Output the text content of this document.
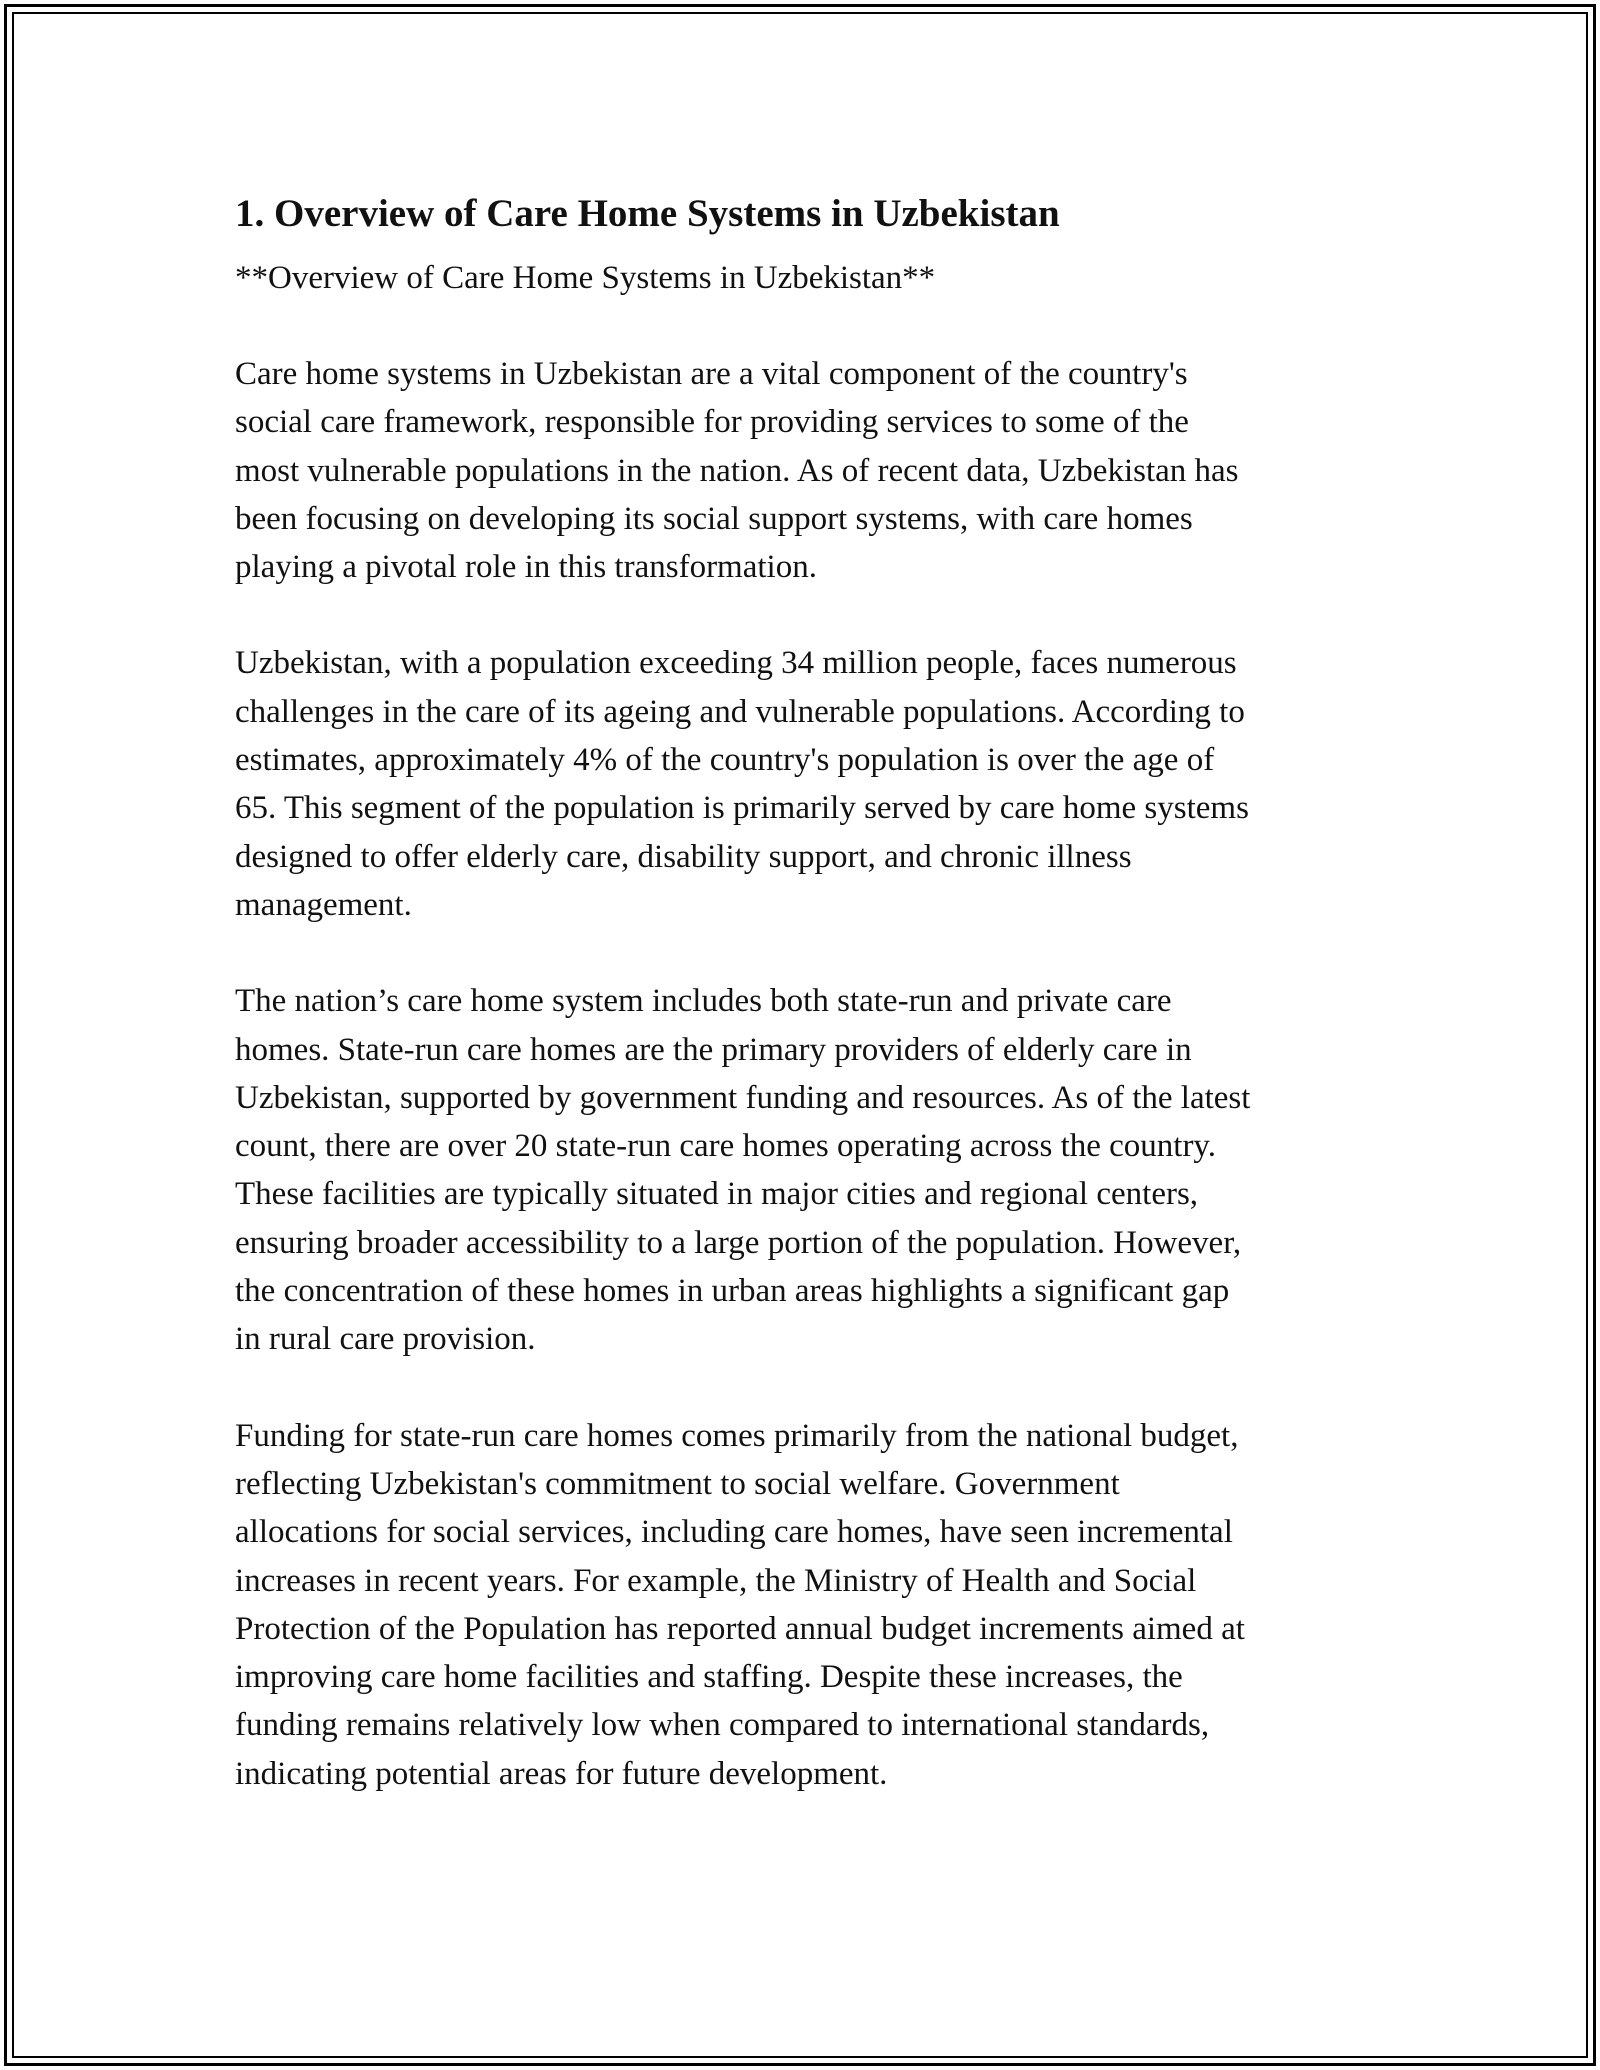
1. Overview of Care Home Systems in Uzbekistan

**Overview of Care Home Systems in Uzbekistan**

Care home systems in Uzbekistan are a vital component of the country's
social care framework, responsible for providing services to some of the
most vulnerable populations in the nation. As of recent data, Uzbekistan has
been focusing on developing its social support systems, with care homes
playing a pivotal role in this transformation.

Uzbekistan, with a population exceeding 34 million people, faces numerous
challenges in the care of its ageing and vulnerable populations. According to
estimates, approximately 4% of the country's population is over the age of
65. This segment of the population is primarily served by care home systems
designed to offer elderly care, disability support, and chronic illness
management.

The nation’s care home system includes both state-run and private care
homes. State-run care homes are the primary providers of elderly care in
Uzbekistan, supported by government funding and resources. As of the latest
count, there are over 20 state-run care homes operating across the country.
These facilities are typically situated in major cities and regional centers,
ensuring broader accessibility to a large portion of the population. However,
the concentration of these homes in urban areas highlights a significant gap
in rural care provision.

Funding for state-run care homes comes primarily from the national budget,
reflecting Uzbekistan's commitment to social welfare. Government
allocations for social services, including care homes, have seen incremental
increases in recent years. For example, the Ministry of Health and Social
Protection of the Population has reported annual budget increments aimed at
improving care home facilities and staffing. Despite these increases, the
funding remains relatively low when compared to international standards,
indicating potential areas for future development.
